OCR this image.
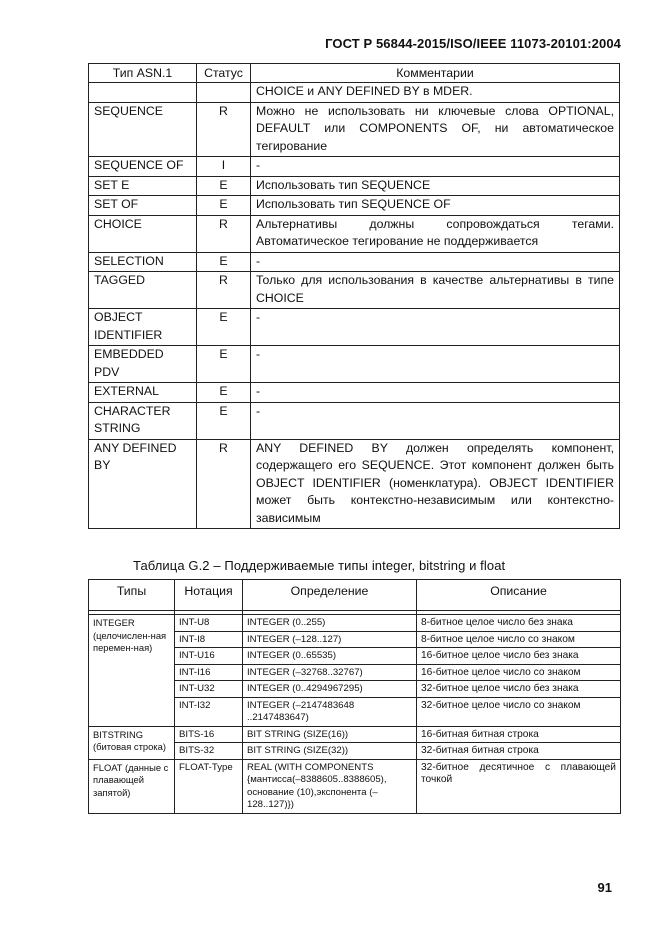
ГОСТ Р 56844-2015/ISO/IEEE 11073-20101:2004
Тип ASN.1	Статус	Комментарии
		CHOICE и ANY DEFINED BY в MDER.
SEQUENCE	R	Можно не использовать ни ключевые слова OPTIONAL, DEFAULT или COMPONENTS OF, ни автоматическое тегирование
SEQUENCE OF	I	-
SET E	E	Использовать тип SEQUENCE
SET OF	E	Использовать тип SEQUENCE OF
CHOICE	R	Альтернативы должны сопровождаться тегами. Автоматическое тегирование не поддерживается
SELECTION	E	-
TAGGED	R	Только для использования в качестве альтернативы в типе CHOICE
OBJECT IDENTIFIER	E	-
EMBEDDED PDV	E	-
EXTERNAL	E	-
CHARACTER STRING	E	-
ANY DEFINED BY	R	ANY DEFINED BY должен определять компонент, содержащего его SEQUENCE. Этот компонент должен быть OBJECT IDENTIFIER (номенклатура). OBJECT IDENTIFIER может быть контекстно-независимым или контекстно-зависимым
Таблица G.2 – Поддерживаемые типы integer, bitstring и float
Типы	Нотация	Определение	Описание

INTEGER (целочислен-ная перемен-ная)	INT-U8	INTEGER (0..255)	8-битное целое число без знака
	INT-I8	INTEGER (–128..127)	8-битное целое число со знаком
	INT-U16	INTEGER (0..65535)	16-битное целое число без знака
	INT-I16	INTEGER (–32768..32767)	16-битное целое число со знаком
	INT-U32	INTEGER (0..4294967295)	32-битное целое число без знака
	INT-I32	INTEGER (–2147483648 ..2147483647)	32-битное целое число со знаком
BITSTRING (битовая строка)	BITS-16	BIT STRING (SIZE(16))	16-битная битная строка
	BITS-32	BIT STRING (SIZE(32))	32-битная битная строка
FLOAT (данные с плавающей запятой)	FLOAT-Type	REAL (WITH COMPONENTS {мантисса(–8388605..8388605), основание (10),экспонента (–128..127)})	32-битное десятичное с плавающей точкой
91
